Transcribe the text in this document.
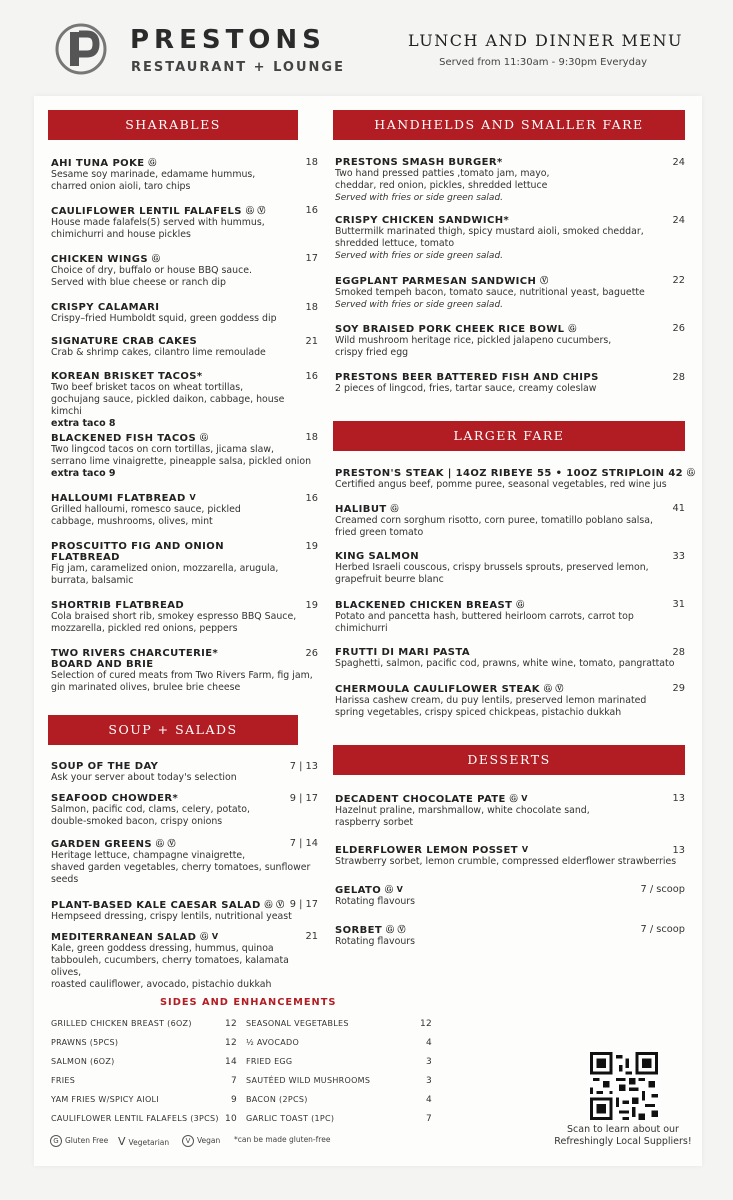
PRESTONS
RESTAURANT + LOUNGE
LUNCH AND DINNER MENU
Served from 11:30am - 9:30pm Everyday
SHARABLES	HANDHELDS AND SMALLER FARE
LARGER FARE
SOUP + SALADS
DESSERTS
AHI TUNA POKE Ⓖ	18
Sesame soy marinade, edamame hummus,
charred onion aioli, taro chips
CAULIFLOWER LENTIL FALAFELS Ⓖ Ⓥ	16
House made falafels(5) served with hummus,
chimichurri and house pickles
CHICKEN WINGS Ⓖ	17
Choice of dry, buffalo or house BBQ sauce.
Served with blue cheese or ranch dip
CRISPY CALAMARI	18
Crispy–fried Humboldt squid, green goddess dip
SIGNATURE CRAB CAKES	21
Crab & shrimp cakes, cilantro lime remoulade
KOREAN BRISKET TACOS*	16
Two beef brisket tacos on wheat tortillas,
gochujang sauce, pickled daikon, cabbage, house kimchi
extra taco 8
BLACKENED FISH TACOS Ⓖ	18
Two lingcod tacos on corn tortillas, jicama slaw,
serrano lime vinaigrette, pineapple salsa, pickled onion
extra taco 9
HALLOUMI FLATBREAD V	16
Grilled halloumi, romesco sauce, pickled
cabbage, mushrooms, olives, mint
PROSCUITTO FIG AND ONION
FLATBREAD
19
Fig jam, caramelized onion, mozzarella, arugula,
burrata, balsamic
SHORTRIB FLATBREAD	19
Cola braised short rib, smokey espresso BBQ Sauce,
mozzarella, pickled red onions, peppers
TWO RIVERS CHARCUTERIE*
BOARD AND BRIE
26
Selection of cured meats from Two Rivers Farm, fig jam,
gin marinated olives, brulee brie cheese
SOUP OF THE DAY	7 | 13
Ask your server about today's selection
SEAFOOD CHOWDER*	9 | 17
Salmon, pacific cod, clams, celery, potato,
double-smoked bacon, crispy onions
GARDEN GREENS Ⓖ Ⓥ	7 | 14
Heritage lettuce, champagne vinaigrette,
shaved garden vegetables, cherry tomatoes, sunflower
seeds
PLANT-BASED KALE CAESAR SALAD Ⓖ Ⓥ 9 | 17
Hempseed dressing, crispy lentils, nutritional yeast
MEDITERRANEAN SALAD Ⓖ V	21
Kale, green goddess dressing, hummus, quinoa
tabbouleh, cucumbers, cherry tomatoes, kalamata olives,
roasted cauliflower, avocado, pistachio dukkah
PRESTONS SMASH BURGER*	24
Two hand pressed patties ,tomato jam, mayo,
cheddar, red onion, pickles, shredded lettuce
Served with fries or side green salad.
CRISPY CHICKEN SANDWICH*	24
Buttermilk marinated thigh, spicy mustard aioli, smoked cheddar,
shredded lettuce, tomato
Served with fries or side green salad.
EGGPLANT PARMESAN SANDWICH Ⓥ	22
Smoked tempeh bacon, tomato sauce, nutritional yeast, baguette
Served with fries or side green salad.
SOY BRAISED PORK CHEEK RICE BOWL Ⓖ	26
Wild mushroom heritage rice, pickled jalapeno cucumbers,
crispy fried egg
PRESTONS BEER BATTERED FISH AND CHIPS	28
2 pieces of lingcod, fries, tartar sauce, creamy coleslaw
PRESTON'S STEAK | 14OZ RIBEYE 55 • 10OZ STRIPLOIN 42 Ⓖ
Certified angus beef, pomme puree, seasonal vegetables, red wine jus
HALIBUT Ⓖ	41
Creamed corn sorghum risotto, corn puree, tomatillo poblano salsa,
fried green tomato
KING SALMON	33
Herbed Israeli couscous, crispy brussels sprouts, preserved lemon,
grapefruit beurre blanc
BLACKENED CHICKEN BREAST Ⓖ	31
Potato and pancetta hash, buttered heirloom carrots, carrot top
chimichurri
FRUTTI DI MARI PASTA	28
Spaghetti, salmon, pacific cod, prawns, white wine, tomato, pangrattato
CHERMOULA CAULIFLOWER STEAK Ⓖ Ⓥ	29
Harissa cashew cream, du puy lentils, preserved lemon marinated
spring vegetables, crispy spiced chickpeas, pistachio dukkah
DECADENT CHOCOLATE PATE Ⓖ V	13
Hazelnut praline, marshmallow, white chocolate sand,
raspberry sorbet
ELDERFLOWER LEMON POSSET V	13
Strawberry sorbet, lemon crumble, compressed elderflower strawberries
GELATO Ⓖ V	7 / scoop
Rotating flavours
SORBET Ⓖ Ⓥ	7 / scoop
Rotating flavours
SIDES AND ENHANCEMENTS
GRILLED CHICKEN BREAST (6OZ)	12
PRAWNS (5PCS)	12
SALMON (6OZ)	14
FRIES	7
YAM FRIES W/SPICY AIOLI	9
CAULIFLOWER LENTIL FALAFELS (3PCS) 10
SEASONAL VEGETABLES	12
½ AVOCADO	4
FRIED EGG	3
SAUTÉED WILD MUSHROOMS	3
BACON (2PCS)	4
GARLIC TOAST (1PC)	7
G Gluten Free V Vegetarian	V Vegan *can be made gluten-free
Scan to learn about our
Refreshingly Local Suppliers!
